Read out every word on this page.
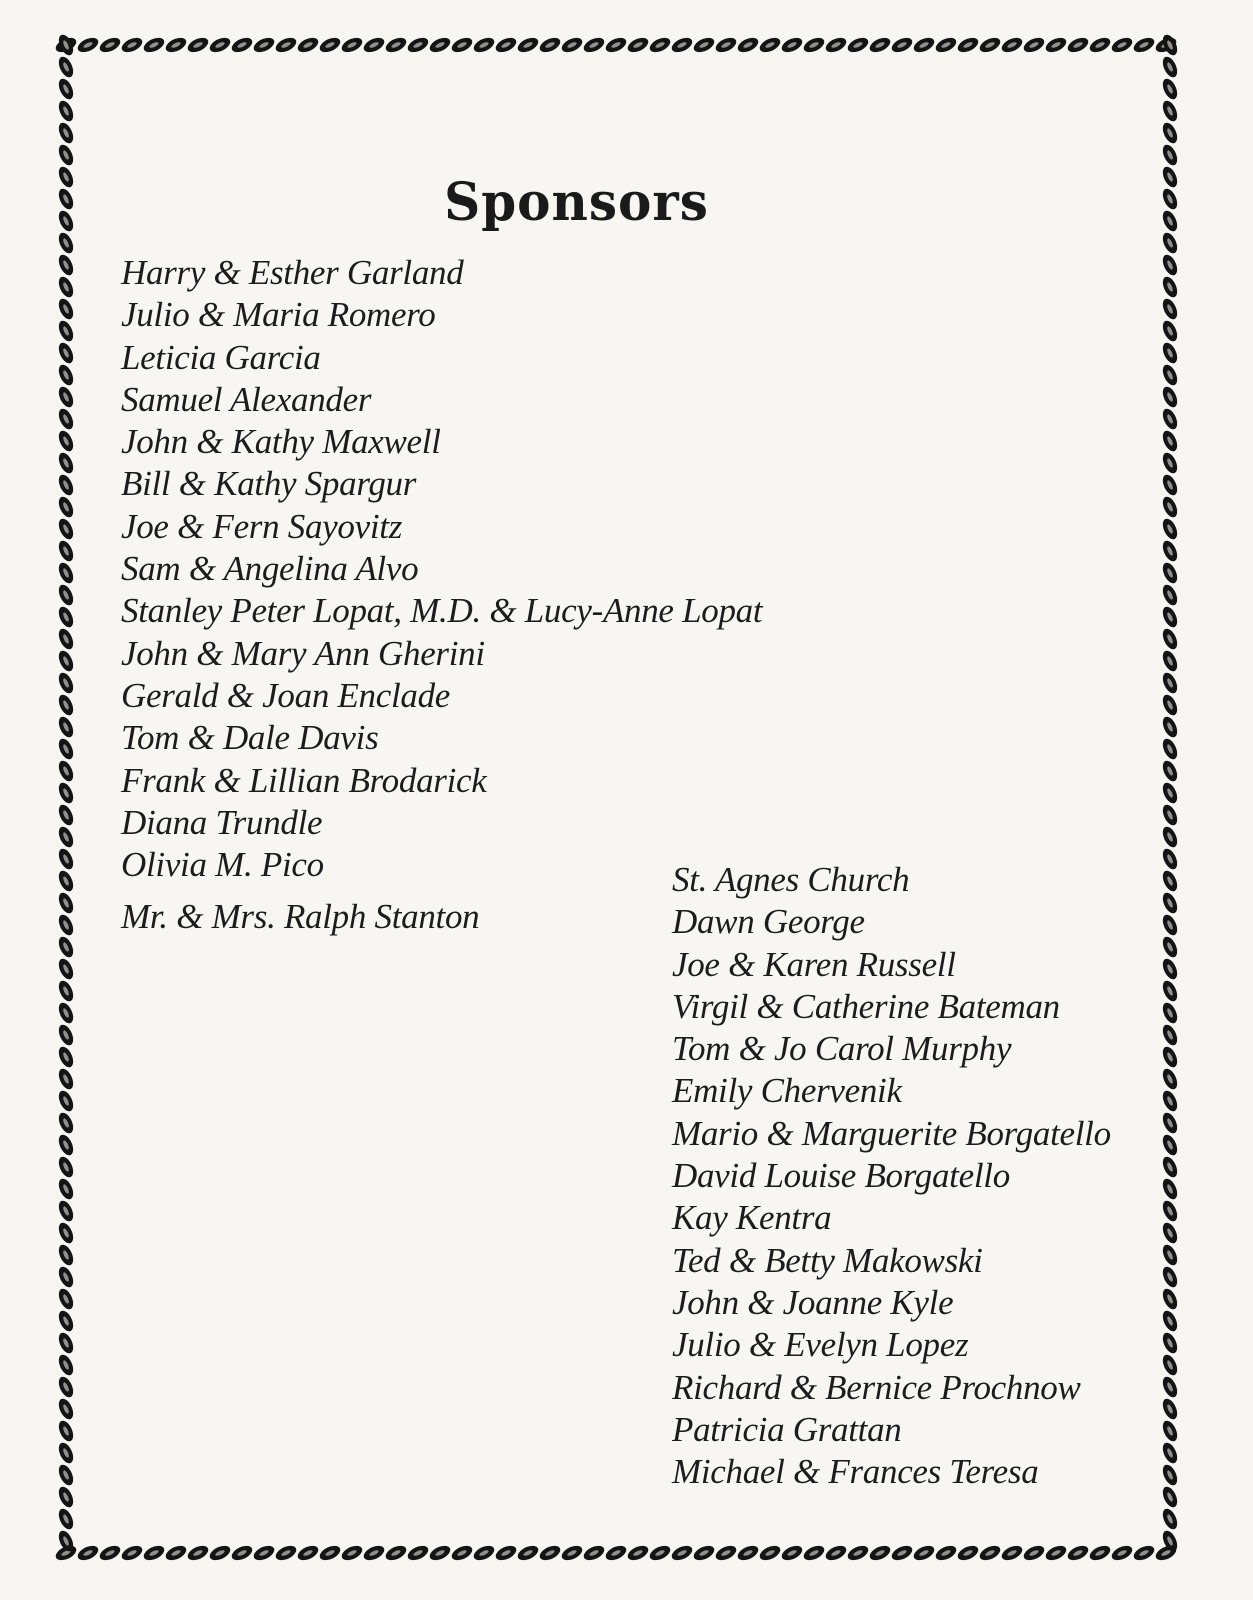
Sponsors
Harry & Esther Garland
Julio & Maria Romero
Leticia Garcia
Samuel Alexander
John & Kathy Maxwell
Bill & Kathy Spargur
Joe & Fern Sayovitz
Sam & Angelina Alvo
Stanley Peter Lopat, M.D. & Lucy-Anne Lopat
John & Mary Ann Gherini
Gerald & Joan Enclade
Tom & Dale Davis
Frank & Lillian Brodarick
Diana Trundle
Olivia M. Pico
Mr. & Mrs. Ralph Stanton
St. Agnes Church
Dawn George
Joe & Karen Russell
Virgil & Catherine Bateman
Tom & Jo Carol Murphy
Emily Chervenik
Mario & Marguerite Borgatello
David Louise Borgatello
Kay Kentra
Ted & Betty Makowski
John & Joanne Kyle
Julio & Evelyn Lopez
Richard & Bernice Prochnow
Patricia Grattan
Michael & Frances Teresa
